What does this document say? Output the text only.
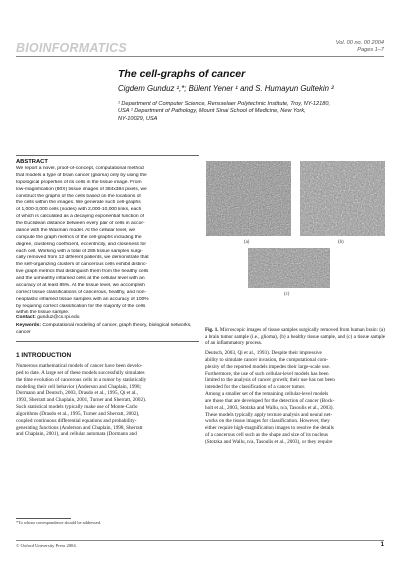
BIOINFORMATICS	Vol. 00 no. 00 2004
Pages 1–7
The cell-graphs of cancer
Cigdem Gunduz ¹,*; Bülent Yener ¹ and S. Humayun Gultekin ²
¹ Department of Computer Science, Rensselaer Polytechnic Institute, Troy, NY-12180,
USA ² Department of Pathology, Mount Sinai School of Medicine, New York,
NY-10029, USA
ABSTRACT
We report a novel, proof-of-concept, computational method
that models a type of brain cancer (glioma) only by using the
topological properties of its cells in the tissue image. From
low-magnification (80X) tissue images of 384x384 pixels, we
construct the graphs of the cells based on the locations of
the cells within the images. We generate such cell-graphs
of 1,000-3,000 cells (nodes) with 2,000-10,000 links, each
of which is calculated as a decaying exponential function of
the Euclidean distance between every pair of cells in accor-
dance with the Waxman model. At the cellular level, we
compute the graph metrics of the cell-graphs including the
degree, clustering coefficient, eccentricity, and closeness for
each cell. Working with a total of 285 tissue samples surgi-
cally removed from 12 different patients, we demonstrate that
the self-organizing clusters of cancerous cells exhibit distinc-
tive graph metrics that distinguish them from the healthy cells
and the unhealthy inflamed cells at the cellular level with an
accuracy of at least 85%. At the tissue level, we accomplish
correct tissue classifications of cancerous, healthy, and non-
neoplastic inflamed tissue samples with an accuracy of 100%
by requiring correct classification for the majority of the cells
within the tissue sample.
Contact: gunduz@cs.rpi.edu
Keywords: Computational modeling of cancer, graph theory, biological networks, cancer
(a)	(b)
(c)
Fig. 1. Microscopic images of tissue samples surgically removed from human brain: (a) a brain tumor sample (i.e., glioma), (b) a healthy tissue sample, and (c) a tissue sample of an inflammatory process.
1 INTRODUCTION
Numerous mathematical models of cancer have been develo-
ped to date. A large set of these models successfully simulates
the time evolution of cancerous cells in a tumor by statistically
modeling their cell behavior (Anderson and Chaplain, 1998;
Dormann and Deutsch, 2003, Drasdo et al., 1995, Qi et al.,
1993, Sherratt and Chaplain, 2001, Turner and Sherratt, 2002).
Such statistical models typically make use of Monte-Carlo
algorithms (Drasdo et al., 1995, Turner and Sherratt, 2002),
coupled continuous differential equations and probability-
generating functions (Anderson and Chaplain, 1998, Sherratt
and Chaplain, 2001), and cellular automata (Dormann and
Deutsch, 2003, Qi et al., 1993). Despite their impressive
ability to simulate cancer invasion, the computational com-
plexity of the reported models impedes their large-scale use.
Furthermore, the use of such cellular-level models has been
limited to the analysis of cancer growth; their use has not been
intended for the classification of a cancer tumor.
Among a smaller set of the remaining cellular-level models
are those that are developed for the detection of cancer (Bock-
holt et al., 2003, Stotzka and Wallu, n/a, Tasoulis et al., 2003).
These models typically apply texture analysis and neural net-
works on the tissue images for classification. However, they
either require high-magnification images to resolve the details
of a cancerous cell such as the shape and size of its nucleus
(Stotzka and Wallu, n/a, Tasoulis et al., 2003), or they require
*To whom correspondence should be addressed.
© Oxford University Press 2004.	1
